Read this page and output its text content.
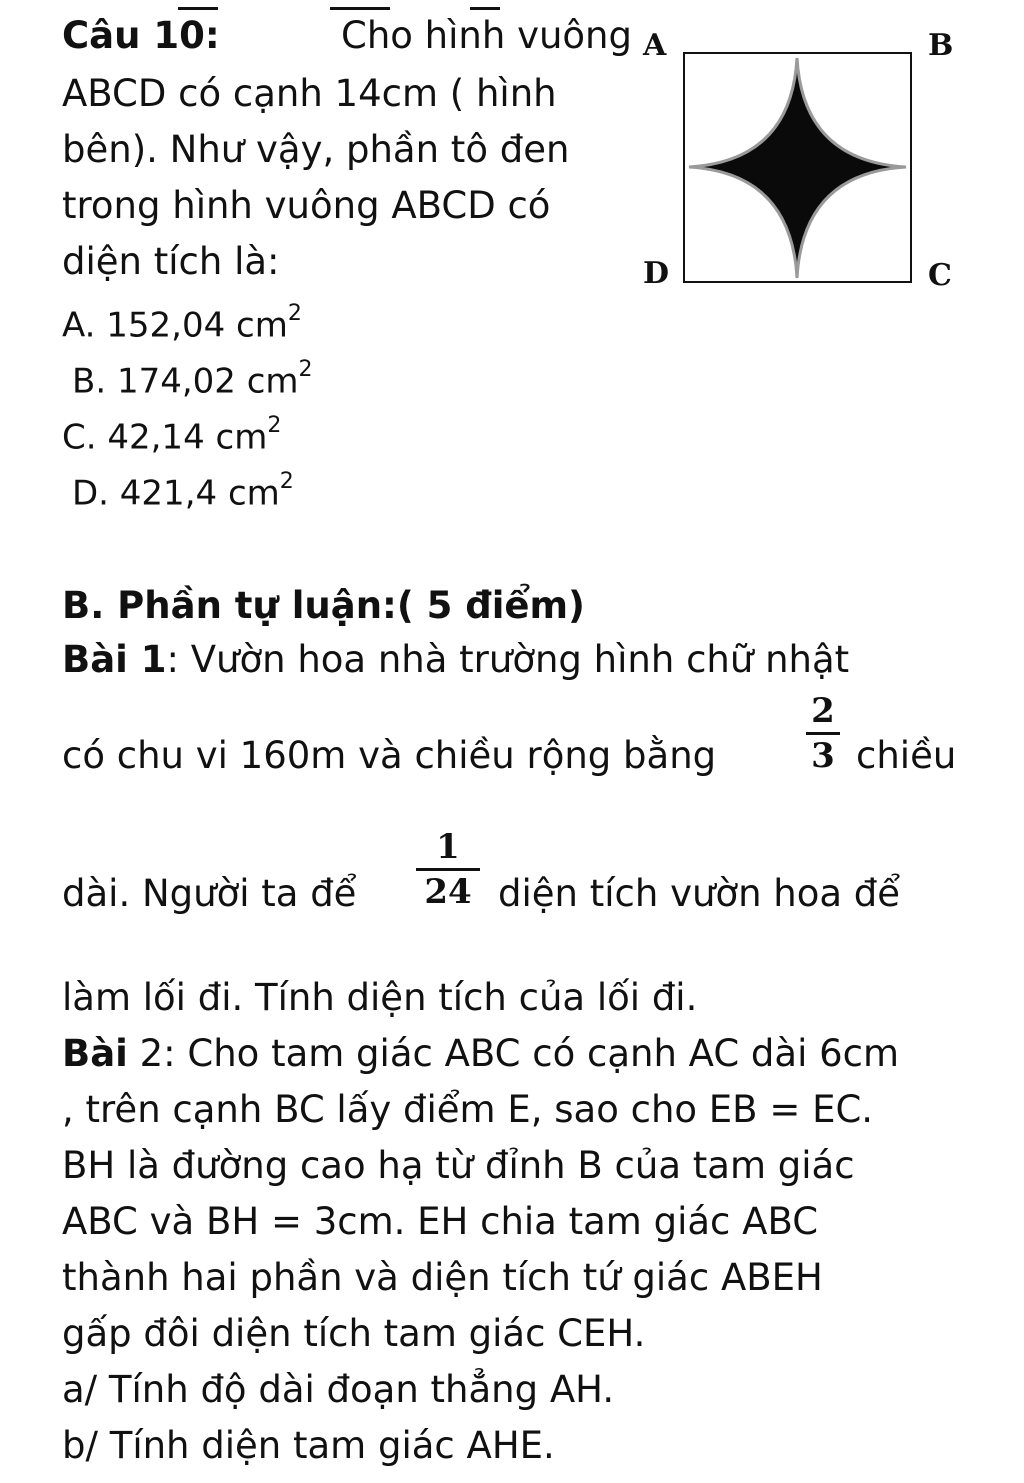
Câu 10:	Cho hình vuông
ABCD có cạnh 14cm ( hình
bên). Như vậy, phần tô đen
trong hình vuông ABCD có
diện tích là:
A. 152,04 $cm^2$
B. 174,02 $cm^2$
C. 42,14 $cm^2$
D. 421,4 $cm^2$
A	B
C
D
B. Phần tự luận:( 5 điểm)
Bài 1: Vườn hoa nhà trường hình chữ nhật
có chu vi 160m và chiều rộng bằng
2
3 chiều
dài. Người ta để
1
24 diện tích vườn hoa để
làm lối đi. Tính diện tích của lối đi.
Bài 2: Cho tam giác ABC có cạnh AC dài 6cm
, trên cạnh BC lấy điểm E, sao cho EB = EC.
BH là đường cao hạ từ đỉnh B của tam giác
ABC và BH = 3cm. EH chia tam giác ABC
thành hai phần và diện tích tứ giác ABEH
gấp đôi diện tích tam giác CEH.
a/ Tính độ dài đoạn thẳng AH.
b/ Tính diện tam giác AHE.
